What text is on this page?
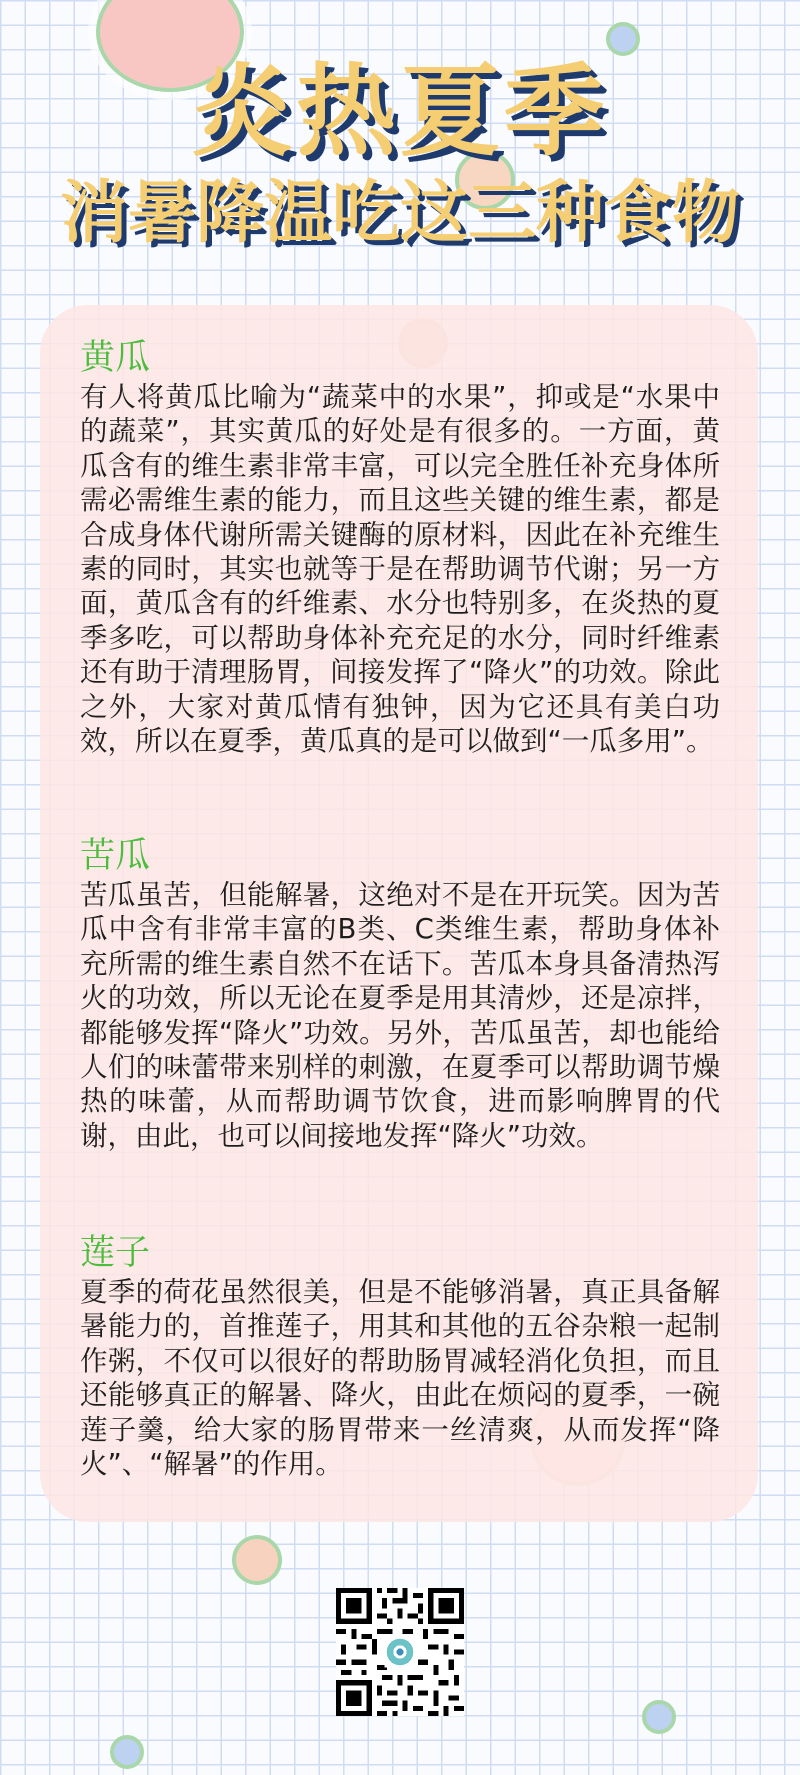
炎热夏季
消暑降温吃这三种食物
黄瓜

有人将黄瓜比喻为“蔬菜中的水果”，抑或是“水果中的蔬菜”，其实黄瓜的好处是有很多的。一方面，黄瓜含有的维生素非常丰富，可以完全胜任补充身体所需必需维生素的能力，而且这些关键的维生素，都是合成身体代谢所需关键酶的原材料，因此在补充维生素的同时，其实也就等于是在帮助调节代谢；另一方面，黄瓜含有的纤维素、水分也特别多，在炎热的夏季多吃，可以帮助身体补充充足的水分，同时纤维素还有助于清理肠胃，间接发挥了“降火”的功效。除此之外，大家对黄瓜情有独钟，因为它还具有美白功效，所以在夏季，黄瓜真的是可以做到“一瓜多用”。

苦瓜

苦瓜虽苦，但能解暑，这绝对不是在开玩笑。因为苦瓜中含有非常丰富的B类、C类维生素，帮助身体补充所需的维生素自然不在话下。苦瓜本身具备清热泻火的功效，所以无论在夏季是用其清炒，还是凉拌，都能够发挥“降火”功效。另外，苦瓜虽苦，却也能给人们的味蕾带来别样的刺激，在夏季可以帮助调节燥热的味蕾，从而帮助调节饮食，进而影响脾胃的代谢，由此，也可以间接地发挥“降火”功效。

莲子

夏季的荷花虽然很美，但是不能够消暑，真正具备解暑能力的，首推莲子，用其和其他的五谷杂粮一起制作粥，不仅可以很好的帮助肠胃减轻消化负担，而且还能够真正的解暑、降火，由此在烦闷的夏季，一碗莲子羹，给大家的肠胃带来一丝清爽，从而发挥“降火”、“解暑”的作用。
